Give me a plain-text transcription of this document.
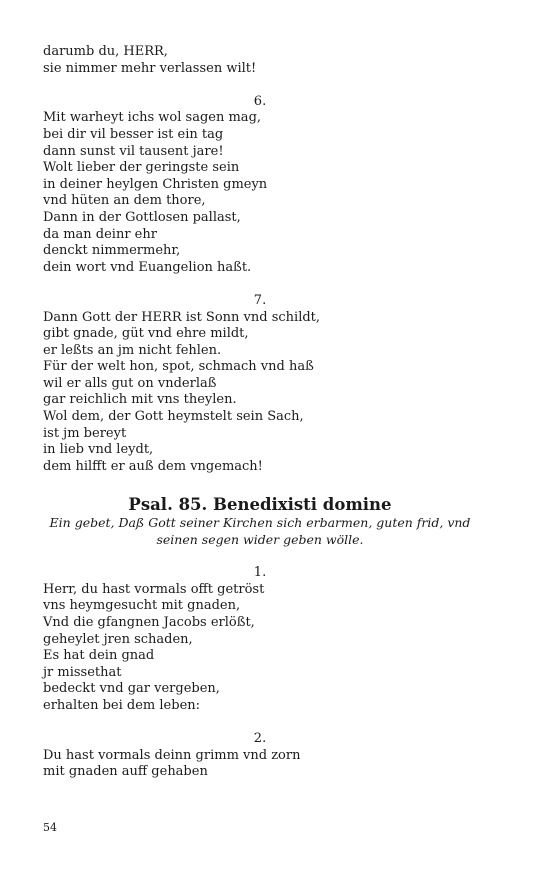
darumb du, HERR,

sie nimmer mehr verlassen wilt!

6.

Mit warheyt ichs wol sagen mag,

bei dir vil besser ist ein tag

dann sunst vil tausent jare!

Wolt lieber der geringste sein

in deiner heylgen Christen gmeyn

vnd hüten an dem thore,

Dann in der Gottlosen pallast,

da man deinr ehr

denckt nimmermehr,

dein wort vnd Euangelion haßt.

7.

Dann Gott der HERR ist Sonn vnd schildt,

gibt gnade, güt vnd ehre mildt,

er leßts an jm nicht fehlen.

Für der welt hon, spot, schmach vnd haß

wil er alls gut on vnderlaß

gar reichlich mit vns theylen.

Wol dem, der Gott heymstelt sein Sach,

ist jm bereyt

in lieb vnd leydt,

dem hilfft er auß dem vngemach!

Psal. 85. Benedixisti domine

Ein gebet, Daß Gott seiner Kirchen sich erbarmen, guten frid, vnd seinen segen wider geben wölle.

1.

Herr, du hast vormals offt getröst

vns heymgesucht mit gnaden,

Vnd die gfangnen Jacobs erlößt,

geheylet jren schaden,

Es hat dein gnad

jr missethat

bedeckt vnd gar vergeben,

erhalten bei dem leben:

2.

Du hast vormals deinn grimm vnd zorn

mit gnaden auff gehaben

54
